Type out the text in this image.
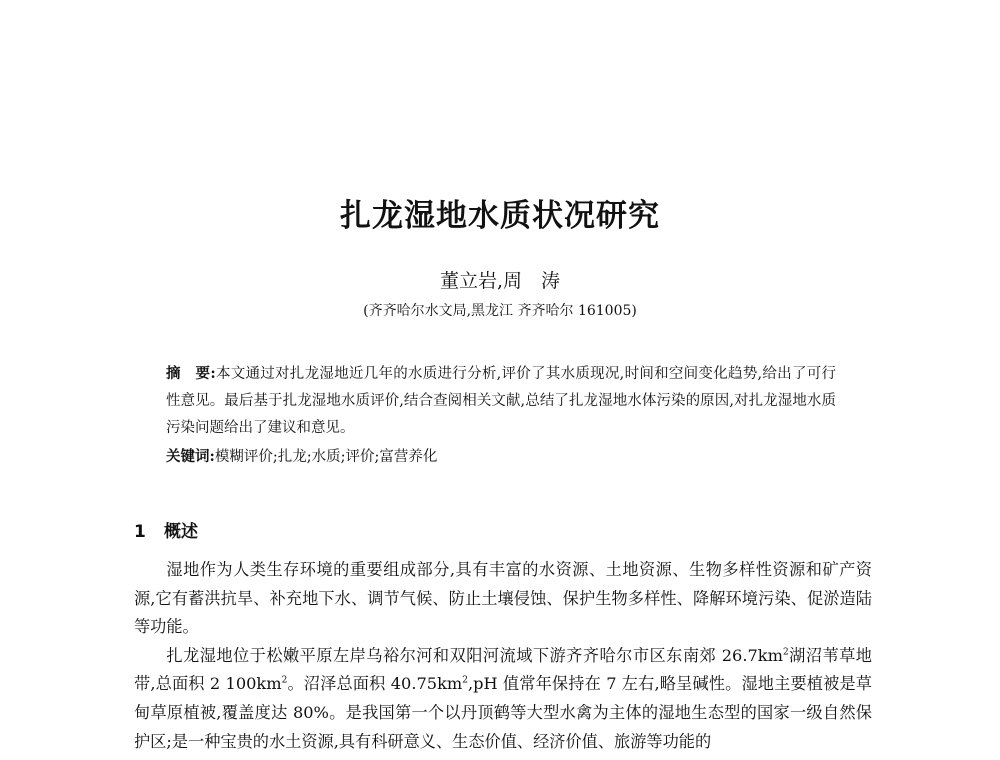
扎龙湿地水质状况研究
董立岩,周　涛
(齐齐哈尔水文局,黑龙江 齐齐哈尔 161005)
摘　要:本文通过对扎龙湿地近几年的水质进行分析,评价了其水质现况,时间和空间变化趋势,给出了可行性意见。最后基于扎龙湿地水质评价,结合查阅相关文献,总结了扎龙湿地水体污染的原因,对扎龙湿地水质污染问题给出了建议和意见。
关键词:模糊评价;扎龙;水质;评价;富营养化
1 概述

湿地作为人类生存环境的重要组成部分,具有丰富的水资源、土地资源、生物多样性资源和矿产资源,它有蓄洪抗旱、补充地下水、调节气候、防止土壤侵蚀、保护生物多样性、降解环境污染、促淤造陆等功能。

扎龙湿地位于松嫩平原左岸乌裕尔河和双阳河流域下游齐齐哈尔市区东南郊 $26.7km^2$湖沼苇草地带,总面积 2 $100km^2$。沼泽总面积 $40.75km^2,pH$ 值常年保持在 7 左右,略呈碱性。湿地主要植被是草甸草原植被,覆盖度达 80%。是我国第一个以丹顶鹤等大型水禽为主体的湿地生态型的国家一级自然保护区;是一种宝贵的水土资源,具有科研意义、生态价值、经济价值、旅游等功能的
